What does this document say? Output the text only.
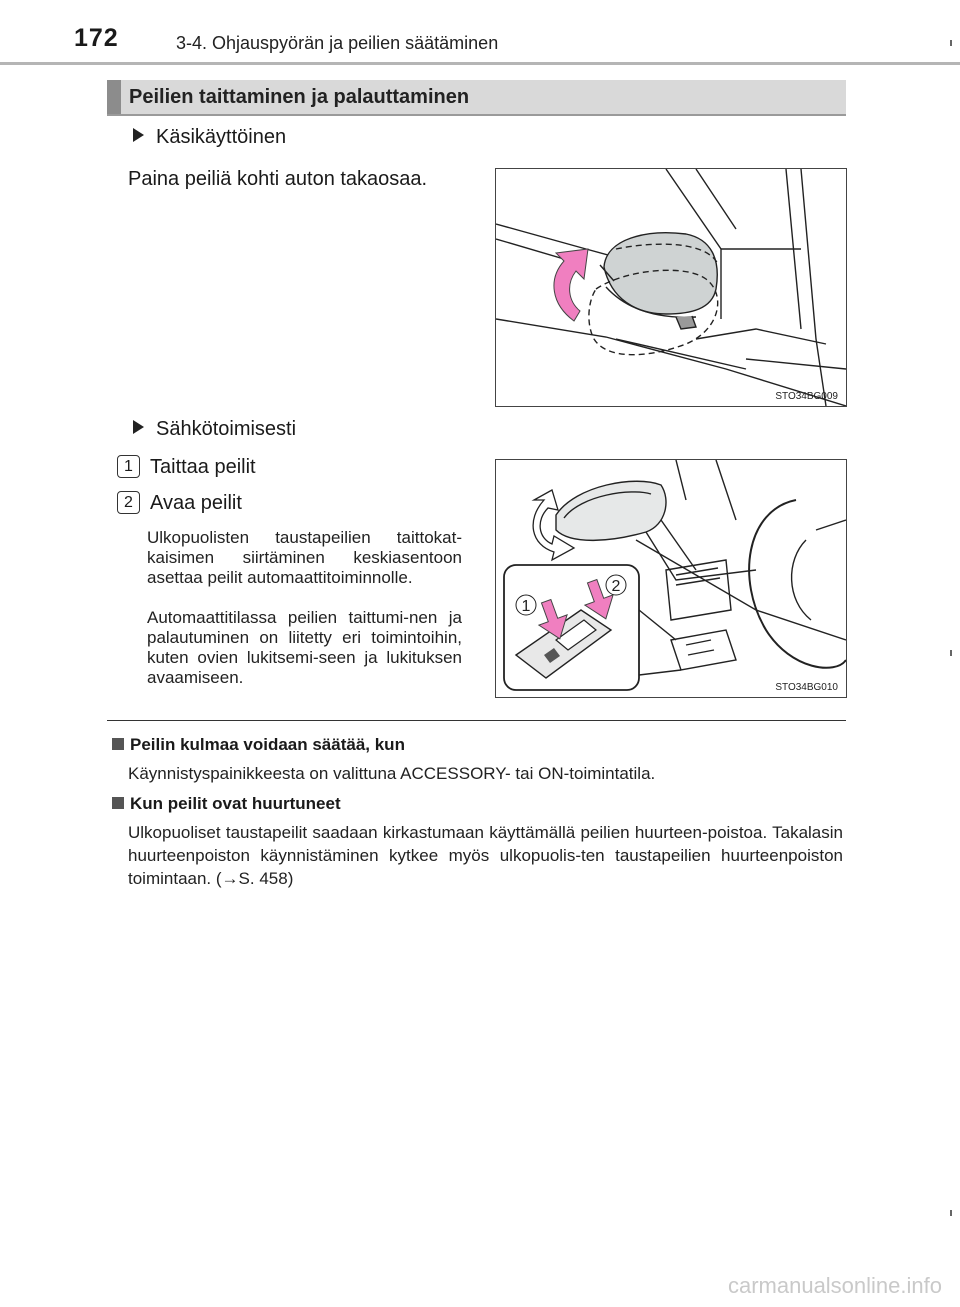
172	3-4. Ohjauspyörän ja peilien säätäminen
Peilien taittaminen ja palauttaminen
Käsikäyttöinen
Paina peiliä kohti auton takaosaa.
STO34BG009
Sähkötoimisesti
1 Taittaa peilit
2 Avaa peilit
Ulkopuolisten taustapeilien taittokat-kaisimen siirtäminen keskiasentoon asettaa peilit automaattitoiminnolle.
Automaattitilassa peilien taittumi-nen ja palautuminen on liitetty eri toimintoihin, kuten ovien lukitsemi-seen ja lukituksen avaamiseen.
1
2
STO34BG010
Peilin kulmaa voidaan säätää, kun
Käynnistyspainikkeesta on valittuna ACCESSORY- tai ON-toimintatila.
Kun peilit ovat huurtuneet
Ulkopuoliset taustapeilit saadaan kirkastumaan käyttämällä peilien huurteen-poistoa. Takalasin huurteenpoiston käynnistäminen kytkee myös ulkopuolis-ten taustapeilien huurteenpoiston toimintaan. (→S. 458)
carmanualsonline.info
